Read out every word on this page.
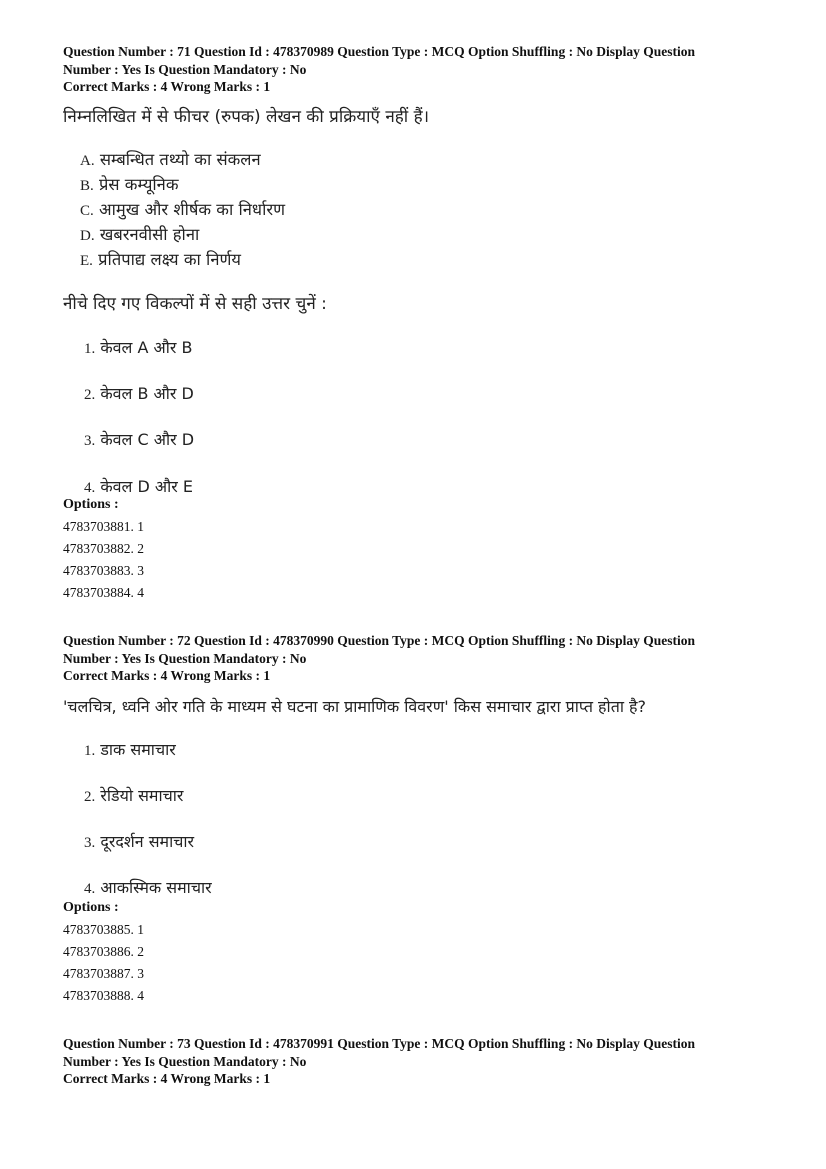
Question Number : 71 Question Id : 478370989 Question Type : MCQ Option Shuffling : No Display Question
Number : Yes Is Question Mandatory : No
Correct Marks : 4 Wrong Marks : 1
निम्नलिखित में से फीचर (रुपक) लेखन की प्रक्रियाएँ नहीं हैं।
A. सम्बन्धित तथ्यो का संकलन
B. प्रेस कम्यूनिक
C. आमुख और शीर्षक का निर्धारण
D. खबरनवीसी होना
E. प्रतिपाद्य लक्ष्य का निर्णय
नीचे दिए गए विकल्पों में से सही उत्तर चुनें :
1. केवल A और B
2. केवल B और D
3. केवल C और D
4. केवल D और E
Options :
4783703881. 1
4783703882. 2
4783703883. 3
4783703884. 4
Question Number : 72 Question Id : 478370990 Question Type : MCQ Option Shuffling : No Display Question
Number : Yes Is Question Mandatory : No
Correct Marks : 4 Wrong Marks : 1
'चलचित्र, ध्वनि ओर गति के माध्यम से घटना का प्रामाणिक विवरण' किस समाचार द्वारा प्राप्त होता है?
1. डाक समाचार
2. रेडियो समाचार
3. दूरदर्शन समाचार
4. आकस्मिक समाचार
Options :
4783703885. 1
4783703886. 2
4783703887. 3
4783703888. 4
Question Number : 73 Question Id : 478370991 Question Type : MCQ Option Shuffling : No Display Question
Number : Yes Is Question Mandatory : No
Correct Marks : 4 Wrong Marks : 1
